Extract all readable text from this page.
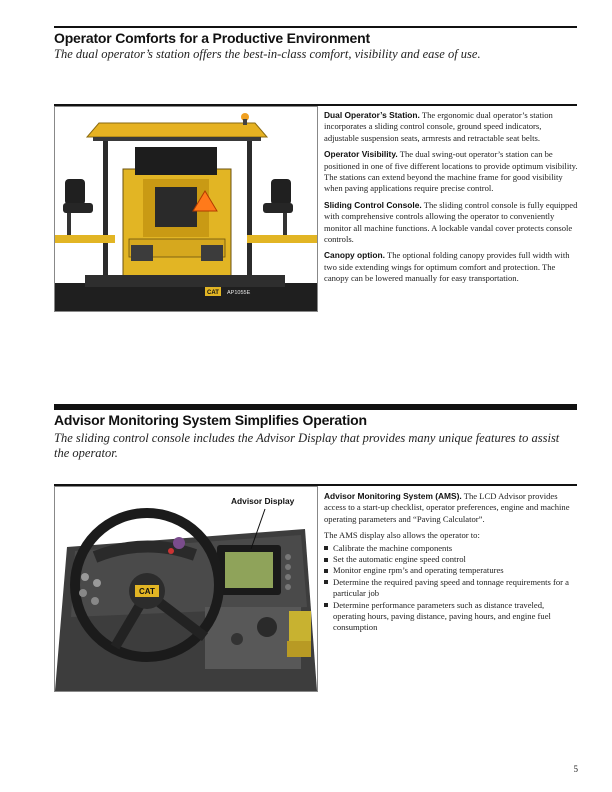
Operator Comforts for a Productive Environment

The dual operator’s station offers the best-in-class comfort, visibility and ease of use.

CAT AP1055E

Dual Operator’s Station. The ergonomic dual operator’s station incorporates a sliding control console, ground speed indicators, adjustable suspension seats, armrests and retractable seat belts.

Operator Visibility. The dual swing-out operator’s station can be positioned in one of five different locations to provide optimum visibility. The stations can extend beyond the machine frame for good visibility when paving applications require precise control.

Sliding Control Console. The sliding control console is fully equipped with comprehensive controls allowing the operator to conveniently monitor all machine functions. A lockable vandal cover protects console controls.

Canopy option. The optional folding canopy provides full width with two side extending wings for optimum comfort and protection. The canopy can be lowered manually for easy transportation.

Advisor Monitoring System Simplifies Operation

The sliding control console includes the Advisor Display that provides many unique features to assist the operator.

CAT
Advisor Display	Advisor Monitoring System (AMS). The LCD Advisor provides access to a start-up checklist, operator preferences, engine and machine operating parameters and “Paving Calculator”.

The AMS display also allows the operator to:

Calibrate the machine components
Set the automatic engine speed control
Monitor engine rpm’s and operating temperatures
Determine the required paving speed and tonnage requirements for a particular job
Determine performance parameters such as distance traveled, operating hours, paving distance, paving hours, and engine fuel consumption
5
